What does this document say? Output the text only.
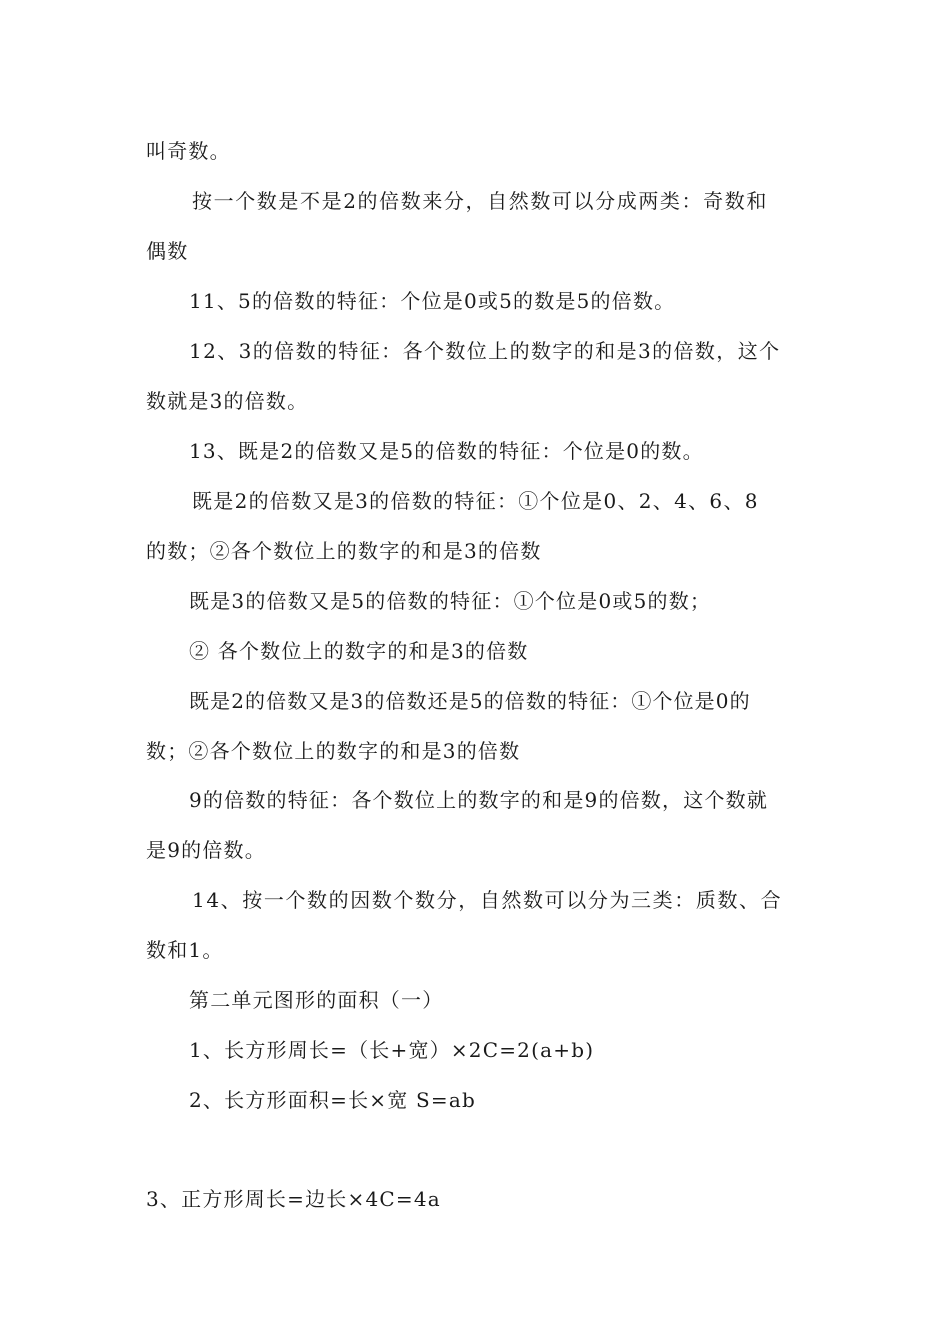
叫奇数。
按一个数是不是2的倍数来分，自然数可以分成两类：奇数和
偶数
11、5的倍数的特征：个位是0或5的数是5的倍数。
12、3的倍数的特征：各个数位上的数字的和是3的倍数，这个
数就是3的倍数。
13、既是2的倍数又是5的倍数的特征：个位是0的数。
既是2的倍数又是3的倍数的特征：①个位是0、2、4、6、8
的数；②各个数位上的数字的和是3的倍数
既是3的倍数又是5的倍数的特征：①个位是0或5的数；
② 各个数位上的数字的和是3的倍数
既是2的倍数又是3的倍数还是5的倍数的特征：①个位是0的
数；②各个数位上的数字的和是3的倍数
9的倍数的特征：各个数位上的数字的和是9的倍数，这个数就
是9的倍数。
14、按一个数的因数个数分，自然数可以分为三类：质数、合
数和1。
第二单元图形的面积（一）
1、长方形周长=（长+宽）×2C=2(a+b)
2、长方形面积=长×宽 S=ab
3、正方形周长=边长×4C=4a
